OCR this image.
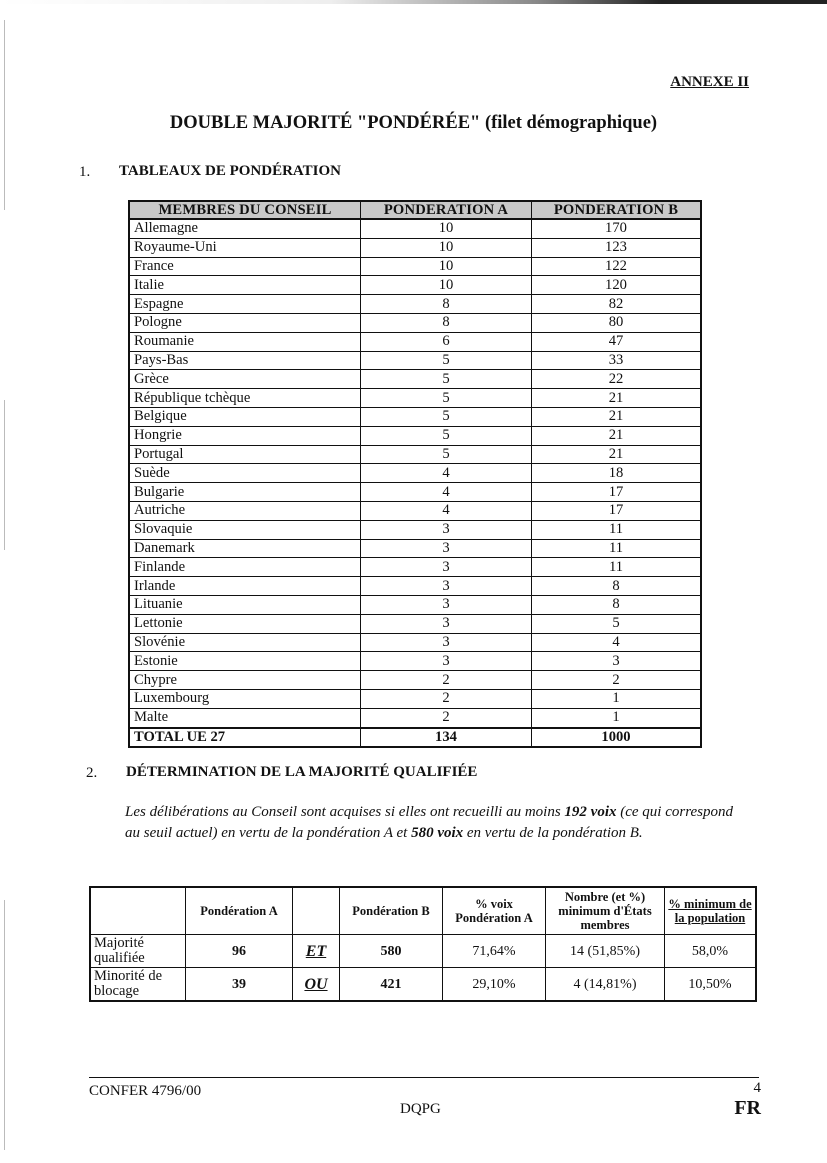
ANNEXE II
DOUBLE MAJORITÉ "PONDÉRÉE" (filet démographique)
1. TABLEAUX DE PONDÉRATION
MEMBRES DU CONSEIL	PONDERATION A	PONDERATION B
Allemagne	10	170
Royaume-Uni	10	123
France	10	122
Italie	10	120
Espagne	8	82
Pologne	8	80
Roumanie	6	47
Pays-Bas	5	33
Grèce	5	22
République tchèque	5	21
Belgique	5	21
Hongrie	5	21
Portugal	5	21
Suède	4	18
Bulgarie	4	17
Autriche	4	17
Slovaquie	3	11
Danemark	3	11
Finlande	3	11
Irlande	3	8
Lituanie	3	8
Lettonie	3	5
Slovénie	3	4
Estonie	3	3
Chypre	2	2
Luxembourg	2	1
Malte	2	1
TOTAL UE 27	134	1000
2. DÉTERMINATION DE LA MAJORITÉ QUALIFIÉE
Les délibérations au Conseil sont acquises si elles ont recueilli au moins 192 voix (ce qui correspond au seuil actuel) en vertu de la pondération A et 580 voix en vertu de la pondération B.
	Pondération A		Pondération B	% voix Pondération A	Nombre (et %) minimum d'États membres	% minimum de la population
Majorité qualifiée	96	ET	580	71,64%	14 (51,85%)	58,0%
Minorité de blocage	39	OU	421	29,10%	4 (14,81%)	10,50%
CONFER 4796/00
DQPG
4
FR
